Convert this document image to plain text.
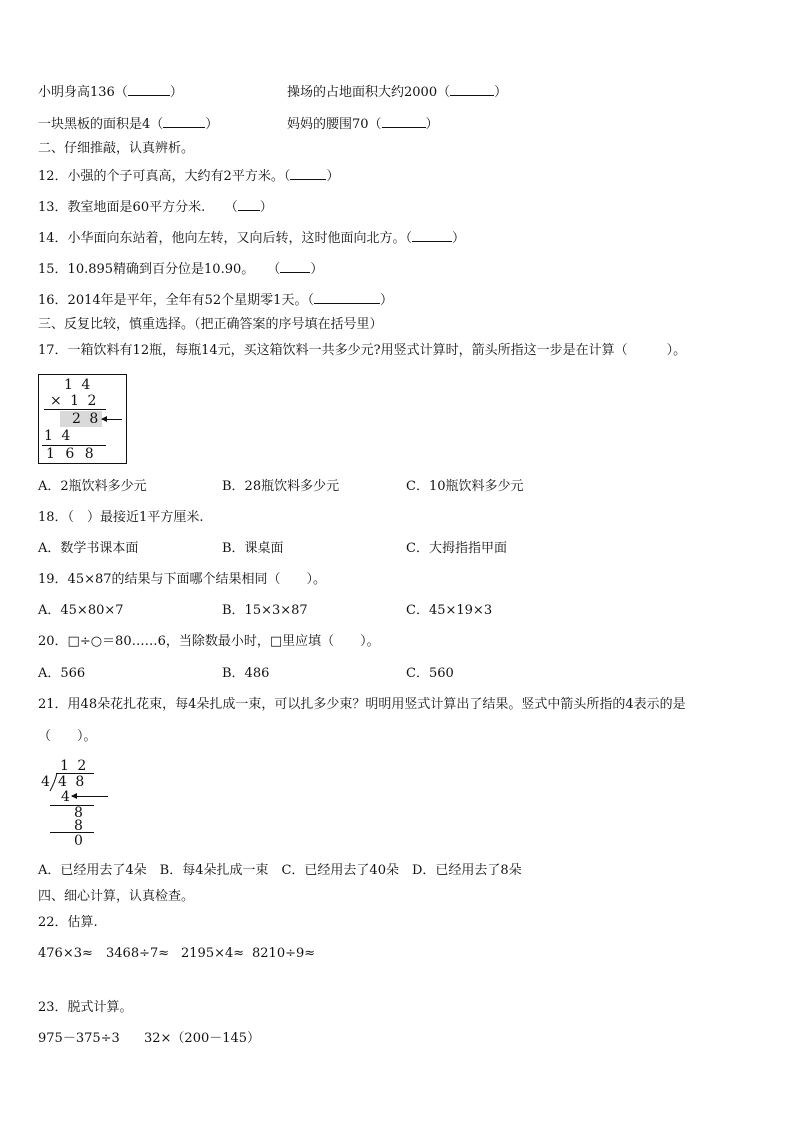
小明身高136（	）	操场的占地面积大约2000（	）
一块黑板的面积是4（	）	妈妈的腰围70（	）
二、仔细推敲，认真辨析。
12．小强的个子可真高，大约有2平方米。（	）
13．教室地面是60平方分米.　　（ ）
14．小华面向东站着，他向左转，又向后转，这时他面向北方。（	）
15．10.895精确到百分位是10.90。　　（ ）
16．2014年是平年，全年有52个星期零1天。（	）
三、反复比较，慎重选择。（把正确答案的序号填在括号里）
17．一箱饮料有12瓶，每瓶14元，买这箱饮料一共多少元?用竖式计算时，箭头所指这一步是在计算（　　　）。
1 4
× 1 2
2 8
1 4
1 6 8
A．2瓶饮料多少元	B．28瓶饮料多少元	C．10瓶饮料多少元
18．（　）最接近1平方厘米.
A．数学书课本面	B．课桌面	C．大拇指指甲面
19．45×87的结果与下面哪个结果相同（　　）。
A．45×80×7	B．15×3×87	C．45×19×3
20．□÷○＝80……6，当除数最小时，□里应填（　　）。
A．566	B．486	C．560
21．用48朵花扎花束，每4朵扎成一束，可以扎多少束？明明用竖式计算出了结果。竖式中箭头所指的4表示的是
（　　）。
1 2
4 4 8
4
8
8
0
A．已经用去了4朵　B．每4朵扎成一束　C．已经用去了40朵　D．已经用去了8朵
四、细心计算，认真检查。
22．估算.
476×3≈ 3468÷7≈ 2195×4≈ 8210÷9≈
23．脱式计算。
975－375÷3 32×（200－145）
